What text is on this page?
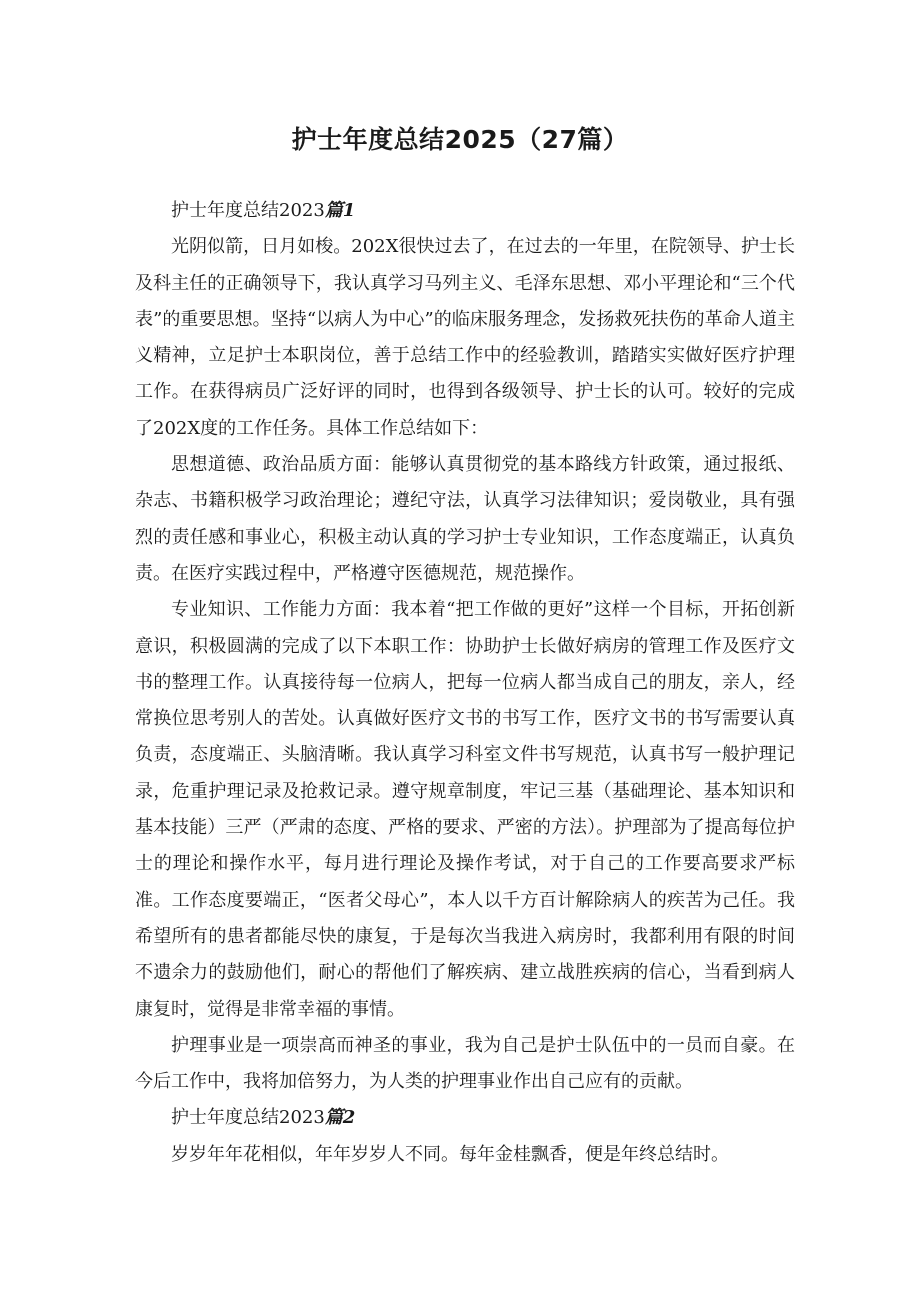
护士年度总结2025（27篇）

护士年度总结2023篇1

光阴似箭，日月如梭。202X很快过去了，在过去的一年里，在院领导、护士长及科主任的正确领导下，我认真学习马列主义、毛泽东思想、邓小平理论和“三个代表”的重要思想。坚持“以病人为中心”的临床服务理念，发扬救死扶伤的革命人道主义精神，立足护士本职岗位，善于总结工作中的经验教训，踏踏实实做好医疗护理工作。在获得病员广泛好评的同时，也得到各级领导、护士长的认可。较好的完成了202X度的工作任务。具体工作总结如下：

思想道德、政治品质方面：能够认真贯彻党的基本路线方针政策，通过报纸、杂志、书籍积极学习政治理论；遵纪守法，认真学习法律知识；爱岗敬业，具有强烈的责任感和事业心，积极主动认真的学习护士专业知识，工作态度端正，认真负责。在医疗实践过程中，严格遵守医德规范，规范操作。

专业知识、工作能力方面：我本着“把工作做的更好”这样一个目标，开拓创新意识，积极圆满的完成了以下本职工作：协助护士长做好病房的管理工作及医疗文书的整理工作。认真接待每一位病人，把每一位病人都当成自己的朋友，亲人，经常换位思考别人的苦处。认真做好医疗文书的书写工作，医疗文书的书写需要认真负责，态度端正、头脑清晰。我认真学习科室文件书写规范，认真书写一般护理记录，危重护理记录及抢救记录。遵守规章制度，牢记三基（基础理论、基本知识和基本技能）三严（严肃的态度、严格的要求、严密的方法）。护理部为了提高每位护士的理论和操作水平，每月进行理论及操作考试，对于自己的工作要高要求严标准。工作态度要端正，“医者父母心”，本人以千方百计解除病人的疾苦为己任。我希望所有的患者都能尽快的康复，于是每次当我进入病房时，我都利用有限的时间不遗余力的鼓励他们，耐心的帮他们了解疾病、建立战胜疾病的信心，当看到病人康复时，觉得是非常幸福的事情。

护理事业是一项崇高而神圣的事业，我为自己是护士队伍中的一员而自豪。在今后工作中，我将加倍努力，为人类的护理事业作出自己应有的贡献。

护士年度总结2023篇2

岁岁年年花相似，年年岁岁人不同。每年金桂飘香，便是年终总结时。
